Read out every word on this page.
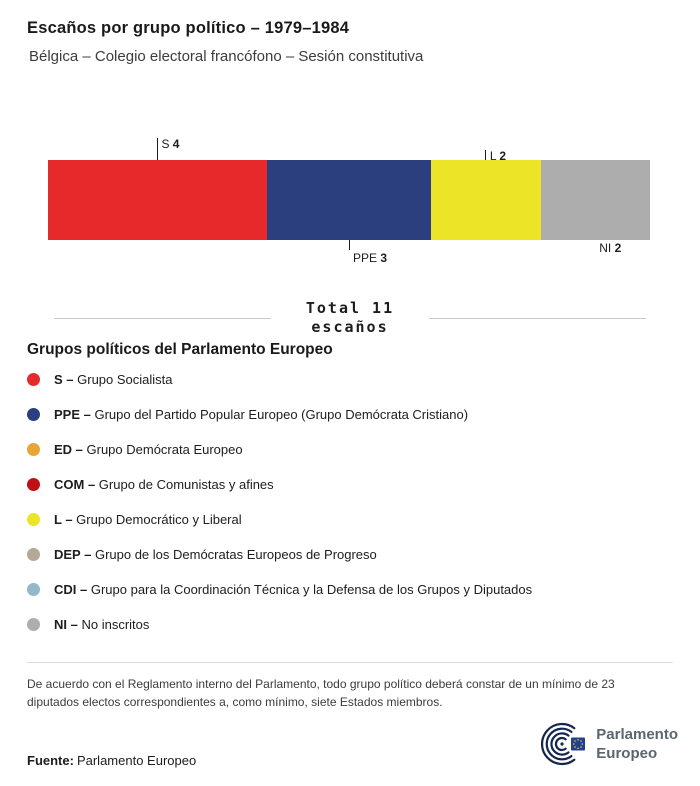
Escaños por grupo político – 1979–1984
Bélgica – Colegio electoral francófono – Sesión constitutiva
S 4
PPE 3
L 2
NI 2
Total 11
escaños
Grupos políticos del Parlamento Europeo
S – Grupo Socialista
PPE – Grupo del Partido Popular Europeo (Grupo Demócrata Cristiano)
ED – Grupo Demócrata Europeo
COM – Grupo de Comunistas y afines
L – Grupo Democrático y Liberal
DEP – Grupo de los Demócratas Europeos de Progreso
CDI – Grupo para la Coordinación Técnica y la Defensa de los Grupos y Diputados
NI – No inscritos

De acuerdo con el Reglamento interno del Parlamento, todo grupo político deberá constar de un mínimo de 23 diputados electos correspondientes a, como mínimo, siete Estados miembros.

Fuente: Parlamento Europeo

Parlamento
Europeo
